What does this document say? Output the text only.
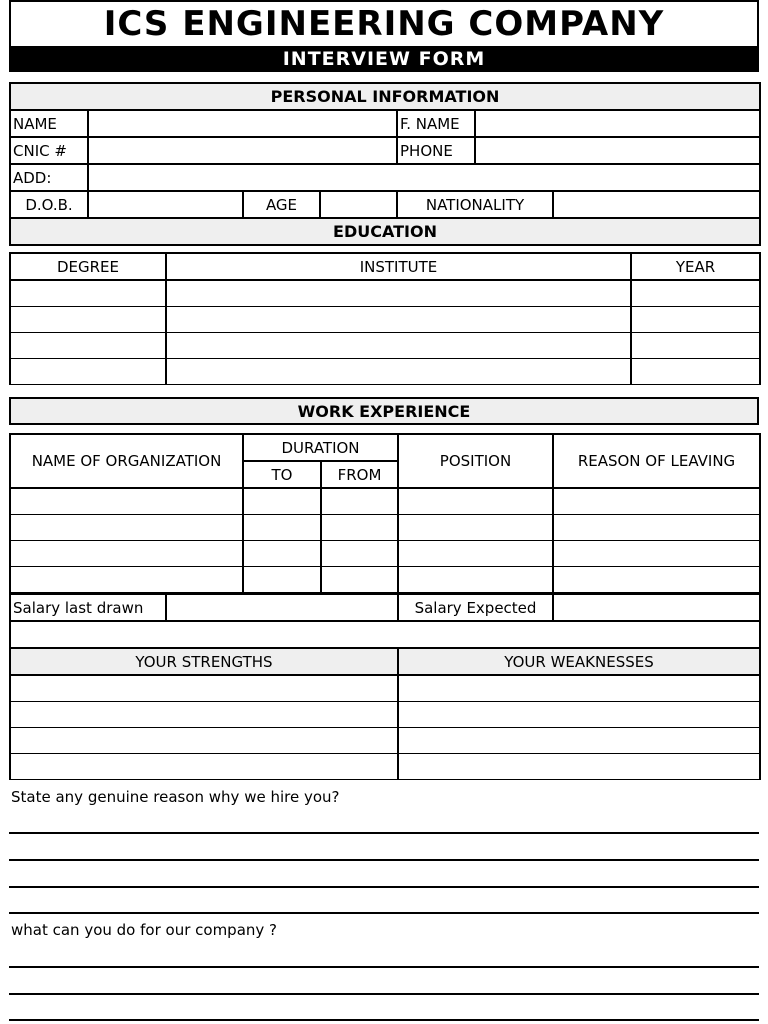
ICS ENGINEERING COMPANY
INTERVIEW FORM
PERSONAL INFORMATION						
NAME				F. NAME		
CNIC #				PHONE		
ADD:						
D.O.B.		AGE		NATIONALITY		
EDUCATION						
DEGREE	INSTITUTE	YEAR

WORK EXPERIENCE
NAME OF ORGANIZATION	DURATION		POSITION	REASON OF LEAVING
	TO	FROM		

Salary last drawn		Salary Expected	

YOUR STRENGTHS	YOUR WEAKNESSES

State any genuine reason why we hire you?
what can you do for our company ?
